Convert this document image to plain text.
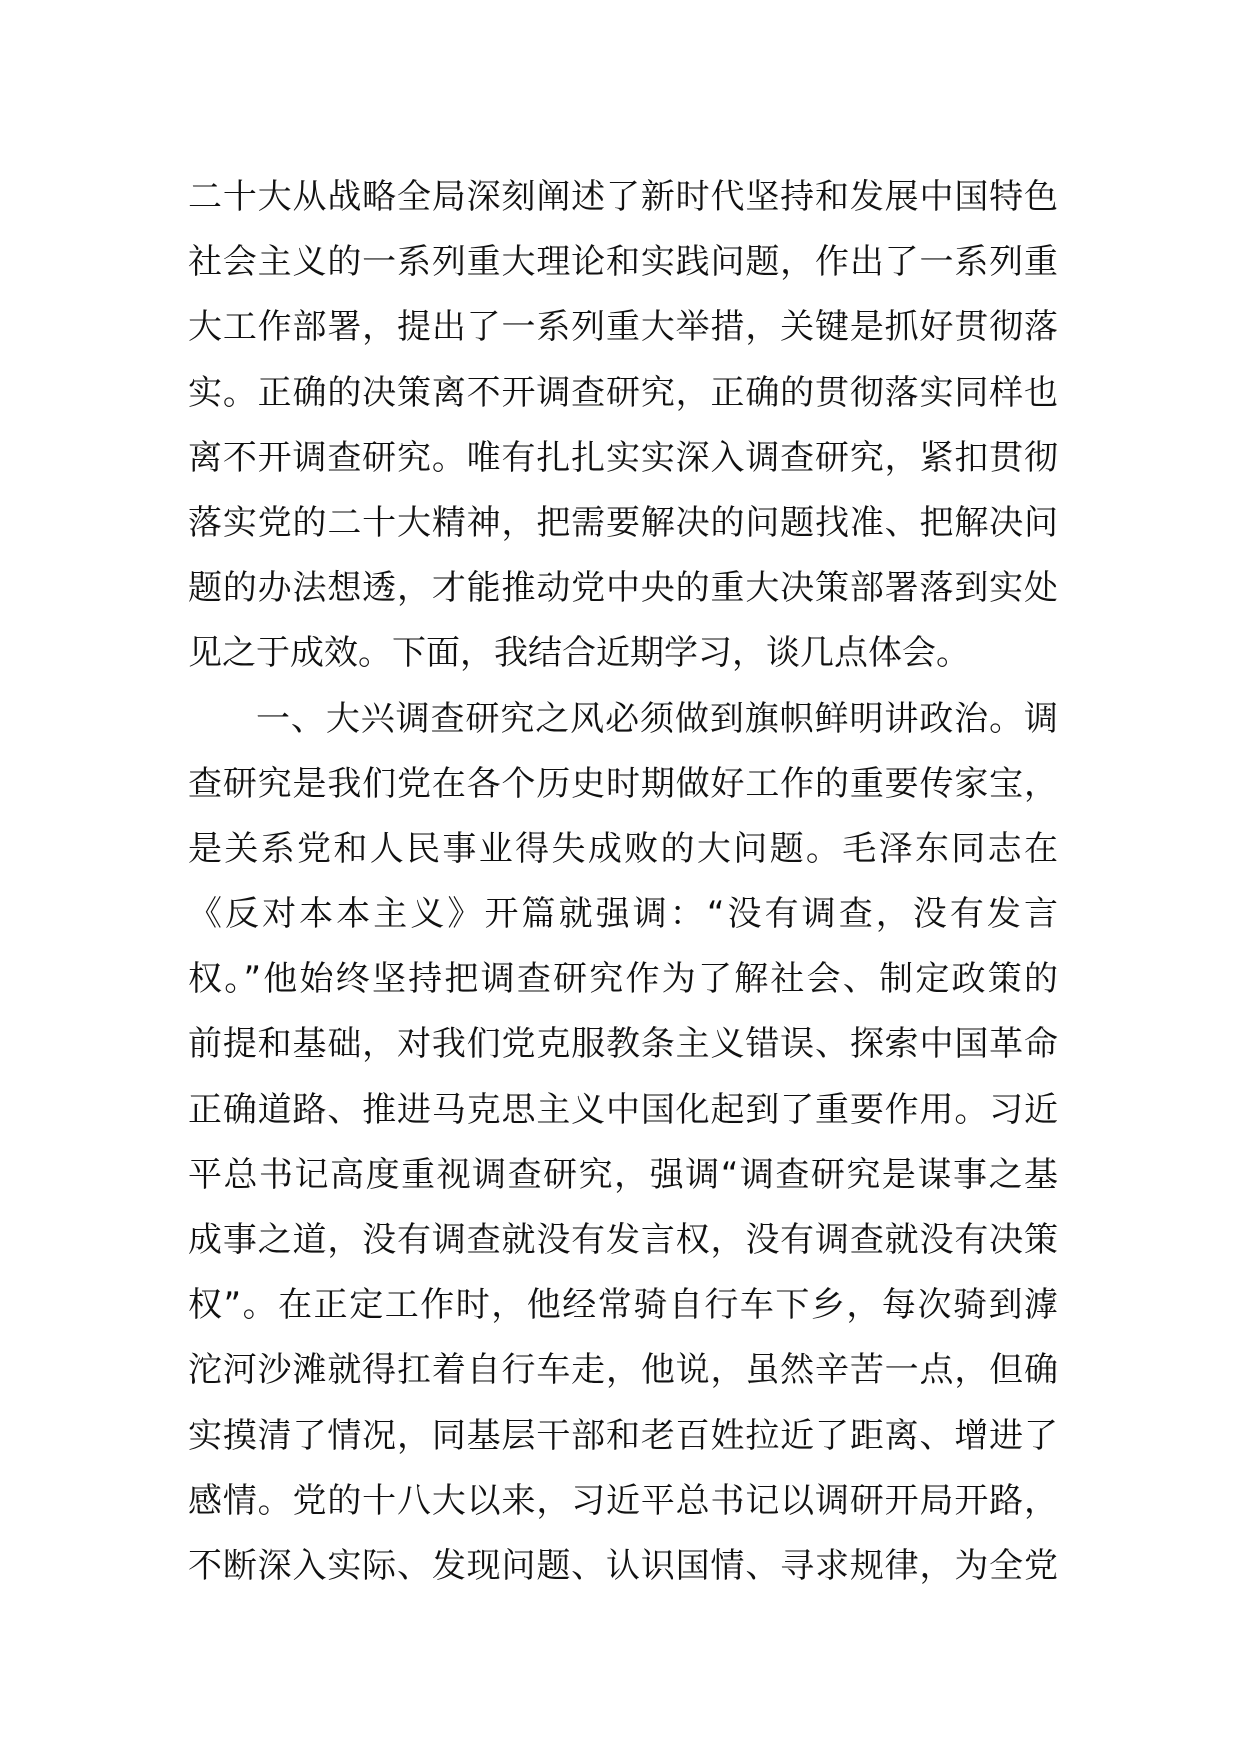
二十大从战略全局深刻阐述了新时代坚持和发展中国特色
社会主义的一系列重大理论和实践问题，作出了一系列重
大工作部署，提出了一系列重大举措，关键是抓好贯彻落
实。正确的决策离不开调查研究，正确的贯彻落实同样也
离不开调查研究。唯有扎扎实实深入调查研究，紧扣贯彻
落实党的二十大精神，把需要解决的问题找准、把解决问
题的办法想透，才能推动党中央的重大决策部署落到实处
见之于成效。下面，我结合近期学习，谈几点体会。
一、大兴调查研究之风必须做到旗帜鲜明讲政治。调
查研究是我们党在各个历史时期做好工作的重要传家宝，
是关系党和人民事业得失成败的大问题。毛泽东同志在
《反对本本主义》开篇就强调：“没有调查，没有发言
权。”他始终坚持把调查研究作为了解社会、制定政策的
前提和基础，对我们党克服教条主义错误、探索中国革命
正确道路、推进马克思主义中国化起到了重要作用。习近
平总书记高度重视调查研究，强调“调查研究是谋事之基
成事之道，没有调查就没有发言权，没有调查就没有决策
权”。在正定工作时，他经常骑自行车下乡，每次骑到滹
沱河沙滩就得扛着自行车走，他说，虽然辛苦一点，但确
实摸清了情况，同基层干部和老百姓拉近了距离、增进了
感情。党的十八大以来，习近平总书记以调研开局开路，
不断深入实际、发现问题、认识国情、寻求规律，为全党
